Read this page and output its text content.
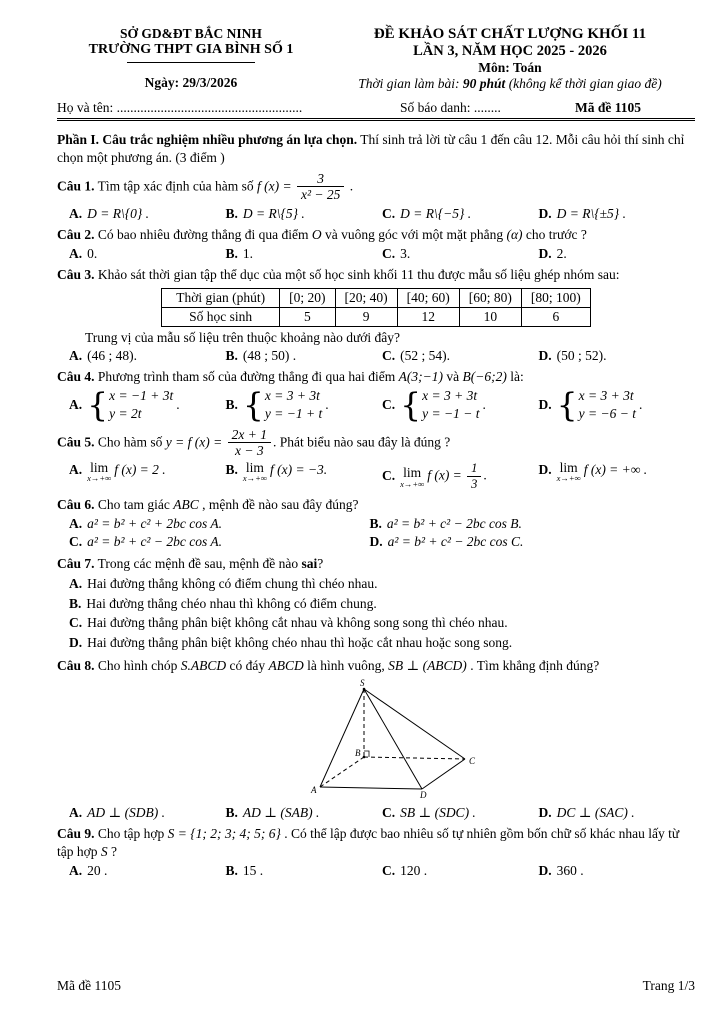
SỞ GD&ĐT BẮC NINH
TRƯỜNG THPT GIA BÌNH SỐ 1
Ngày: 29/3/2026
ĐỀ KHẢO SÁT CHẤT LƯỢNG KHỐI 11
LẦN 3, NĂM HỌC 2025 - 2026
Môn: Toán
Thời gian làm bài: 90 phút (không kể thời gian giao đề)
Họ và tên: .......................................................	Số báo danh: ........	Mã đề 1105
Phần I. Câu trắc nghiệm nhiều phương án lựa chọn. Thí sinh trả lời từ câu 1 đến câu 12. Mỗi câu hỏi thí sinh chỉ chọn một phương án. (3 điểm )
Câu 1. Tìm tập xác định của hàm số f $(x) = \frac{3}{\text{x² − 25}}$ .
A. D = R\{0} .	B. D = R\{5} .	C. D = R\{−5} .	D. D = R\{±5} .
Câu 2. Có bao nhiêu đường thẳng đi qua điểm O và vuông góc với một mặt phẳng (α) cho trước ?
A. 0.	B. 1.	C. 3.	D. 2.
Câu 3. Khảo sát thời gian tập thể dục của một số học sinh khối 11 thu được mẫu số liệu ghép nhóm sau:
Thời gian (phút)	[0; 20)	[20; 40)	[40; 60)	[60; 80)	[80; 100)
Số học sinh	5	9	12	10	6
Trung vị của mẫu số liệu trên thuộc khoảng nào dưới đây?
A. (46 ; 48).	B. (48 ; 50) .	C. (52 ; 54).	D. (50 ; 52).
Câu 4. Phương trình tham số của đường thẳng đi qua hai điểm A(3;−1) và B(−6;2) là:
A. { x = −1 + 3t
y = 2t
.	B. { x = 3 + 3t
y = −1 + t
.	C. { x = 3 + 3t
y = −1 − t
.	D. { x = 3 + 3t
y = −6 − t
.
Câu 5. Cho hàm số y = f $(x) = \frac{2x + 1}{x - 3}$ . Phát biểu nào sau đây là đúng ?
A. lim
x→+∞
f (x) = 2 .	B. lim
x→+∞
f (x) = −3.	C. lim
x→+∞
f $(x) = \frac{1}{3}$ .	D. lim
x→+∞
f (x) = +∞ .
Câu 6. Cho tam giác ABC , mệnh đề nào sau đây đúng?
A. a² = b² + c² + 2bc cos A.	B. a² = b² + c² − 2bc cos B.
C. a² = b² + c² − 2bc cos A.	D. a² = b² + c² − 2bc cos C.
Câu 7. Trong các mệnh đề sau, mệnh đề nào sai?
A. Hai đường thẳng không có điểm chung thì chéo nhau.
B. Hai đường thẳng chéo nhau thì không có điểm chung.
C. Hai đường thẳng phân biệt không cắt nhau và không song song thì chéo nhau.
D. Hai đường thẳng phân biệt không chéo nhau thì hoặc cắt nhau hoặc song song.
Câu 8. Cho hình chóp S.ABCD có đáy ABCD là hình vuông, SB ⊥ (ABCD) . Tìm khẳng định đúng?
S
A
B
C
D
A. AD ⊥ (SDB) .	B. AD ⊥ (SAB) .	C. SB ⊥ (SDC) .	D. DC ⊥ (SAC) .
Câu 9. Cho tập hợp S = {1; 2; 3; 4; 5; 6} . Có thể lập được bao nhiêu số tự nhiên gồm bốn chữ số khác nhau lấy từ tập hợp S ?
A. 20 .	B. 15 .	C. 120 .	D. 360 .
Mã đề 1105	Trang 1/3
